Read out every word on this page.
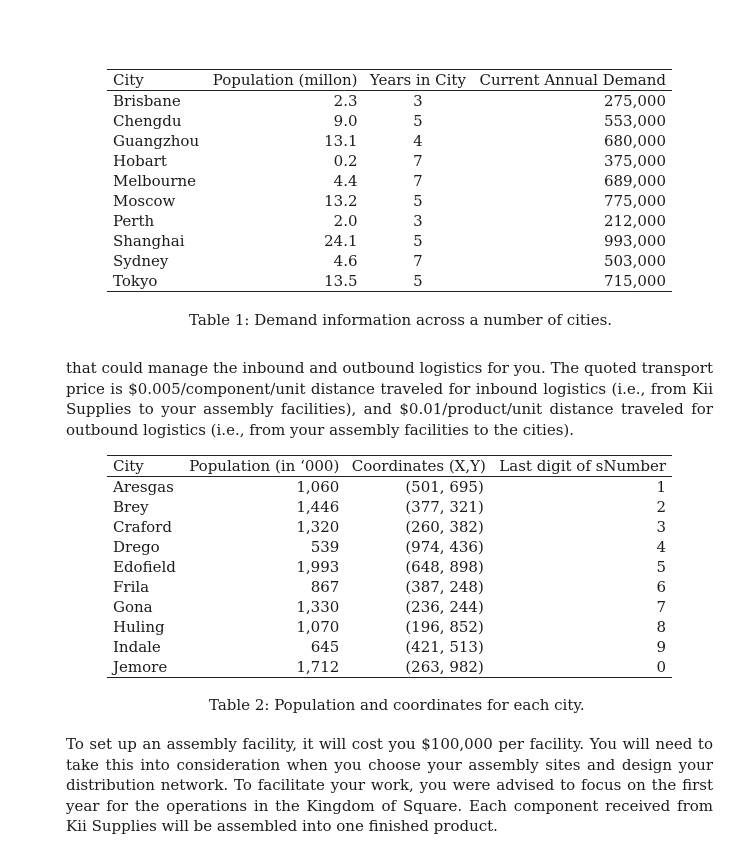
City	Population (millon)	Years in City	Current Annual Demand
Brisbane	2.3	3	275,000
Chengdu	9.0	5	553,000
Guangzhou	13.1	4	680,000
Hobart	0.2	7	375,000
Melbourne	4.4	7	689,000
Moscow	13.2	5	775,000
Perth	2.0	3	212,000
Shanghai	24.1	5	993,000
Sydney	4.6	7	503,000
Tokyo	13.5	5	715,000
Table 1: Demand information across a number of cities.
that could manage the inbound and outbound logistics for you. The quoted transport price is $0.005/component/unit distance traveled for inbound logistics (i.e., from Kii Supplies to your assembly facilities), and $0.01/product/unit distance traveled for outbound logistics (i.e., from your assembly facilities to the cities).
City	Population (in ‘000)	Coordinates (X,Y)	Last digit of sNumber
Aresgas	1,060	(501, 695)	1
Brey	1,446	(377, 321)	2
Craford	1,320	(260, 382)	3
Drego	539	(974, 436)	4
Edofield	1,993	(648, 898)	5
Frila	867	(387, 248)	6
Gona	1,330	(236, 244)	7
Huling	1,070	(196, 852)	8
Indale	645	(421, 513)	9
Jemore	1,712	(263, 982)	0
Table 2: Population and coordinates for each city.
To set up an assembly facility, it will cost you $100,000 per facility. You will need to take this into consideration when you choose your assembly sites and design your distribution network. To facilitate your work, you were advised to focus on the first year for the operations in the Kingdom of Square. Each component received from Kii Supplies will be assembled into one finished product.
